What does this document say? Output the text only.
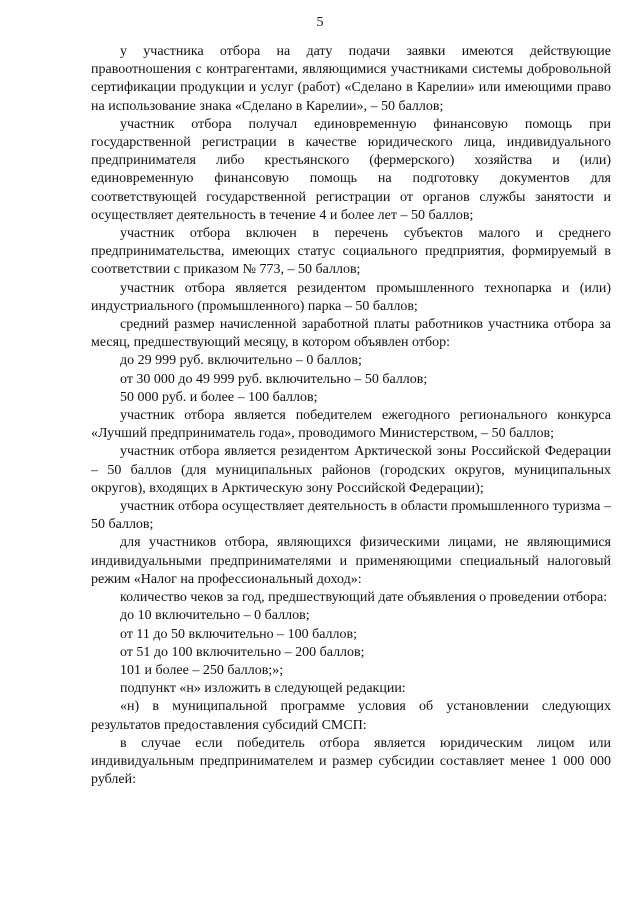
5

у участника отбора на дату подачи заявки имеются действующие правоотношения с контрагентами, являющимися участниками системы добровольной сертификации продукции и услуг (работ) «Сделано в Карелии» или имеющими право на использование знака «Сделано в Карелии», – 50 баллов;

участник отбора получал единовременную финансовую помощь при государственной регистрации в качестве юридического лица, индивидуального предпринимателя либо крестьянского (фермерского) хозяйства и (или) единовременную финансовую помощь на подготовку документов для соответствующей государственной регистрации от органов службы занятости и осуществляет деятельность в течение 4 и более лет – 50 баллов;

участник отбора включен в перечень субъектов малого и среднего предпринимательства, имеющих статус социального предприятия, формируемый в соответствии с приказом № 773, – 50 баллов;

участник отбора является резидентом промышленного технопарка и (или) индустриального (промышленного) парка – 50 баллов;

средний размер начисленной заработной платы работников участника отбора за месяц, предшествующий месяцу, в котором объявлен отбор:

до 29 999 руб. включительно – 0 баллов;

от 30 000 до 49 999 руб. включительно – 50 баллов;

50 000 руб. и более – 100 баллов;

участник отбора является победителем ежегодного регионального конкурса «Лучший предприниматель года», проводимого Министерством, – 50 баллов;

участник отбора является резидентом Арктической зоны Российской Федерации – 50 баллов (для муниципальных районов (городских округов, муниципальных округов), входящих в Арктическую зону Российской Федерации);

участник отбора осуществляет деятельность в области промышленного туризма – 50 баллов;

для участников отбора, являющихся физическими лицами, не являющимися индивидуальными предпринимателями и применяющими специальный налоговый режим «Налог на профессиональный доход»:

количество чеков за год, предшествующий дате объявления о проведении отбора:

до 10 включительно – 0 баллов;

от 11 до 50 включительно – 100 баллов;

от 51 до 100 включительно – 200 баллов;

101 и более – 250 баллов;»;

подпункт «н» изложить в следующей редакции:

«н) в муниципальной программе условия об установлении следующих результатов предоставления субсидий СМСП:

в случае если победитель отбора является юридическим лицом или индивидуальным предпринимателем и размер субсидии составляет менее 1 000 000 рублей:
